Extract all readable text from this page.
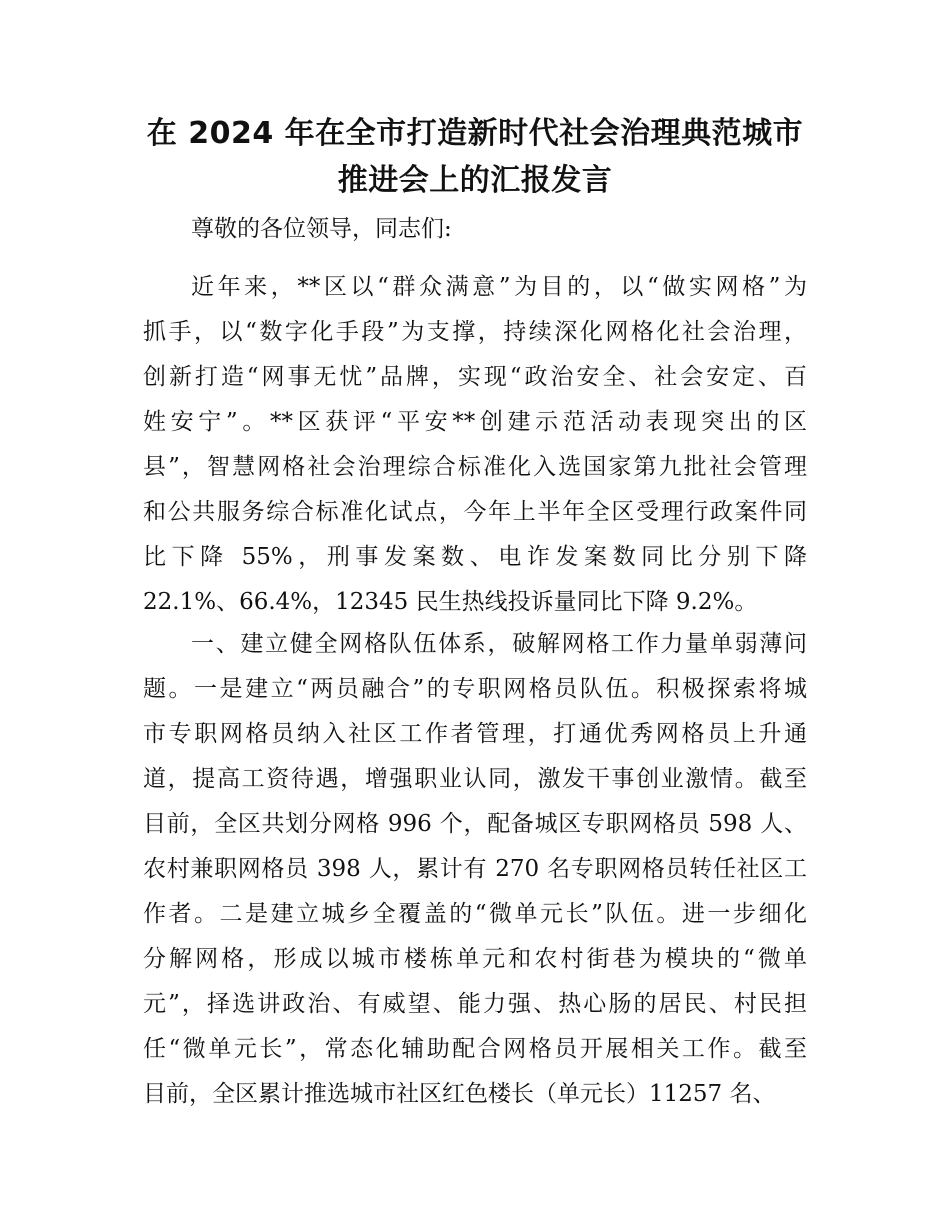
在 2024 年在全市打造新时代社会治理典范城市
推进会上的汇报发言
尊敬的各位领导，同志们:
近年来，**区以“群众满意”为目的，以“做实网格”为
抓手，以“数字化手段”为支撑，持续深化网格化社会治理，
创新打造“网事无忧”品牌，实现“政治安全、社会安定、百
姓安宁”。**区获评“平安**创建示范活动表现突出的区
县”，智慧网格社会治理综合标准化入选国家第九批社会管理
和公共服务综合标准化试点，今年上半年全区受理行政案件同
比下降 55%，刑事发案数、电诈发案数同比分别下降
22.1%、66.4%，12345 民生热线投诉量同比下降 9.2%。
一、建立健全网格队伍体系，破解网格工作力量单弱薄问
题。一是建立“两员融合”的专职网格员队伍。积极探索将城
市专职网格员纳入社区工作者管理，打通优秀网格员上升通
道，提高工资待遇，增强职业认同，激发干事创业激情。截至
目前，全区共划分网格 996 个，配备城区专职网格员 598 人、
农村兼职网格员 398 人，累计有 270 名专职网格员转任社区工
作者。二是建立城乡全覆盖的“微单元长”队伍。进一步细化
分解网格，形成以城市楼栋单元和农村街巷为模块的“微单
元”，择选讲政治、有威望、能力强、热心肠的居民、村民担
任“微单元长”，常态化辅助配合网格员开展相关工作。截至
目前，全区累计推选城市社区红色楼长（单元长）11257 名、
